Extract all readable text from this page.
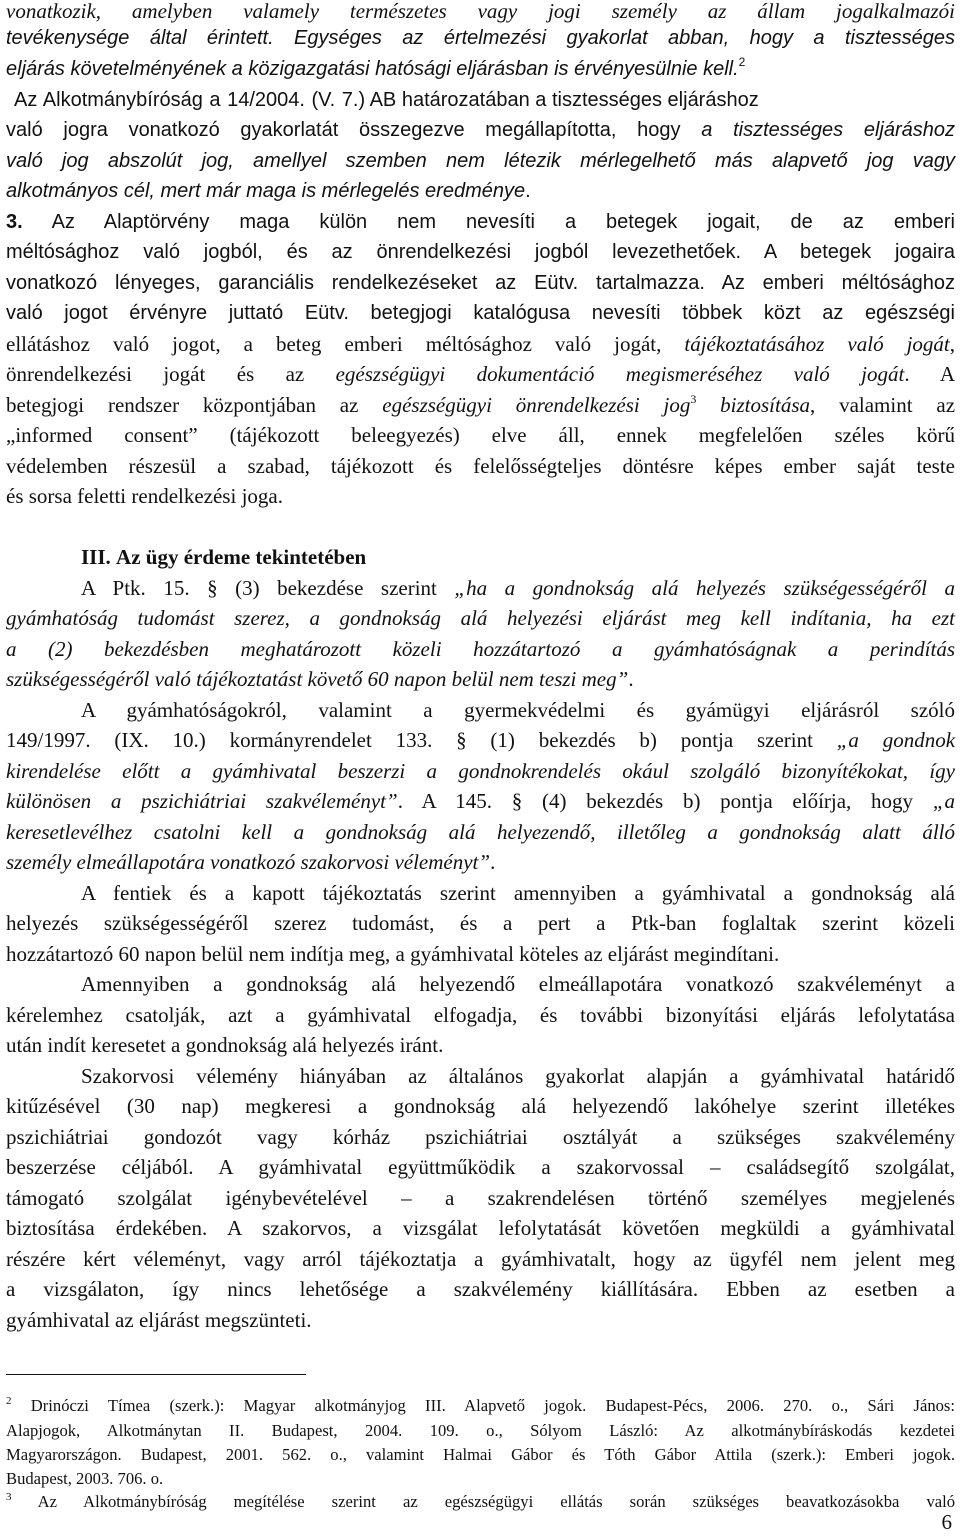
vonatkozik, amelyben valamely természetes vagy jogi személy az állam jogalkalmazói
tevékenysége által érintett. Egységes az értelmezési gyakorlat abban, hogy a tisztességes
eljárás követelményének a közigazgatási hatósági eljárásban is érvényesülnie kell.$^2$
Az Alkotmánybíróság a 14/2004. (V. 7.) AB határozatában a tisztességes eljáráshoz
való jogra vonatkozó gyakorlatát összegezve megállapította, hogy a tisztességes eljáráshoz
való jog abszolút jog, amellyel szemben nem létezik mérlegelhető más alapvető jog vagy
alkotmányos cél, mert már maga is mérlegelés eredménye.
3. Az Alaptörvény maga külön nem nevesíti a betegek jogait, de az emberi
méltósághoz való jogból, és az önrendelkezési jogból levezethetőek. A betegek jogaira
vonatkozó lényeges, garanciális rendelkezéseket az Eütv. tartalmazza. Az emberi méltósághoz
való jogot érvényre juttató Eütv. betegjogi katalógusa nevesíti többek közt az egészségi
ellátáshoz való jogot, a beteg emberi méltósághoz való jogát, tájékoztatásához való jogát,
önrendelkezési jogát és az egészségügyi dokumentáció megismeréséhez való jogát. A
betegjogi rendszer központjában az egészségügyi önrendelkezési jog$^3$ biztosítása, valamint az
„informed consent” (tájékozott beleegyezés) elve áll, ennek megfelelően széles körű
védelemben részesül a szabad, tájékozott és felelősségteljes döntésre képes ember saját teste
és sorsa feletti rendelkezési joga.
III. Az ügy érdeme tekintetében
A Ptk. 15. § (3) bekezdése szerint „ha a gondnokság alá helyezés szükségességéről a
gyámhatóság tudomást szerez, a gondnokság alá helyezési eljárást meg kell indítania, ha ezt
a (2) bekezdésben meghatározott közeli hozzátartozó a gyámhatóságnak a perindítás
szükségességéről való tájékoztatást követő 60 napon belül nem teszi meg”.
A gyámhatóságokról, valamint a gyermekvédelmi és gyámügyi eljárásról szóló
149/1997. (IX. 10.) kormányrendelet 133. § (1) bekezdés b) pontja szerint „a gondnok
kirendelése előtt a gyámhivatal beszerzi a gondnokrendelés okául szolgáló bizonyítékokat, így
különösen a pszichiátriai szakvéleményt”. A 145. § (4) bekezdés b) pontja előírja, hogy „a
keresetlevélhez csatolni kell a gondnokság alá helyezendő, illetőleg a gondnokság alatt álló
személy elmeállapotára vonatkozó szakorvosi véleményt”.
A fentiek és a kapott tájékoztatás szerint amennyiben a gyámhivatal a gondnokság alá
helyezés szükségességéről szerez tudomást, és a pert a Ptk-ban foglaltak szerint közeli
hozzátartozó 60 napon belül nem indítja meg, a gyámhivatal köteles az eljárást megindítani.
Amennyiben a gondnokság alá helyezendő elmeállapotára vonatkozó szakvéleményt a
kérelemhez csatolják, azt a gyámhivatal elfogadja, és további bizonyítási eljárás lefolytatása
után indít keresetet a gondnokság alá helyezés iránt.
Szakorvosi vélemény hiányában az általános gyakorlat alapján a gyámhivatal határidő
kitűzésével (30 nap) megkeresi a gondnokság alá helyezendő lakóhelye szerint illetékes
pszichiátriai gondozót vagy kórház pszichiátriai osztályát a szükséges szakvélemény
beszerzése céljából. A gyámhivatal együttműködik a szakorvossal – családsegítő szolgálat,
támogató szolgálat igénybevételével – a szakrendelésen történő személyes megjelenés
biztosítása érdekében. A szakorvos, a vizsgálat lefolytatását követően megküldi a gyámhivatal
részére kért véleményt, vagy arról tájékoztatja a gyámhivatalt, hogy az ügyfél nem jelent meg
a vizsgálaton, így nincs lehetősége a szakvélemény kiállítására. Ebben az esetben a
gyámhivatal az eljárást megszünteti.
$^2$ Drinóczi Tímea (szerk.): Magyar alkotmányjog III. Alapvető jogok. Budapest-Pécs, 2006. 270. o., Sári János:
Alapjogok, Alkotmánytan II. Budapest, 2004. 109. o., Sólyom László: Az alkotmánybíráskodás kezdetei
Magyarországon. Budapest, 2001. 562. o., valamint Halmai Gábor és Tóth Gábor Attila (szerk.): Emberi jogok.
Budapest, 2003. 706. o.
$^3$ Az Alkotmánybíróság megítélése szerint az egészségügyi ellátás során szükséges beavatkozásokba való
6
